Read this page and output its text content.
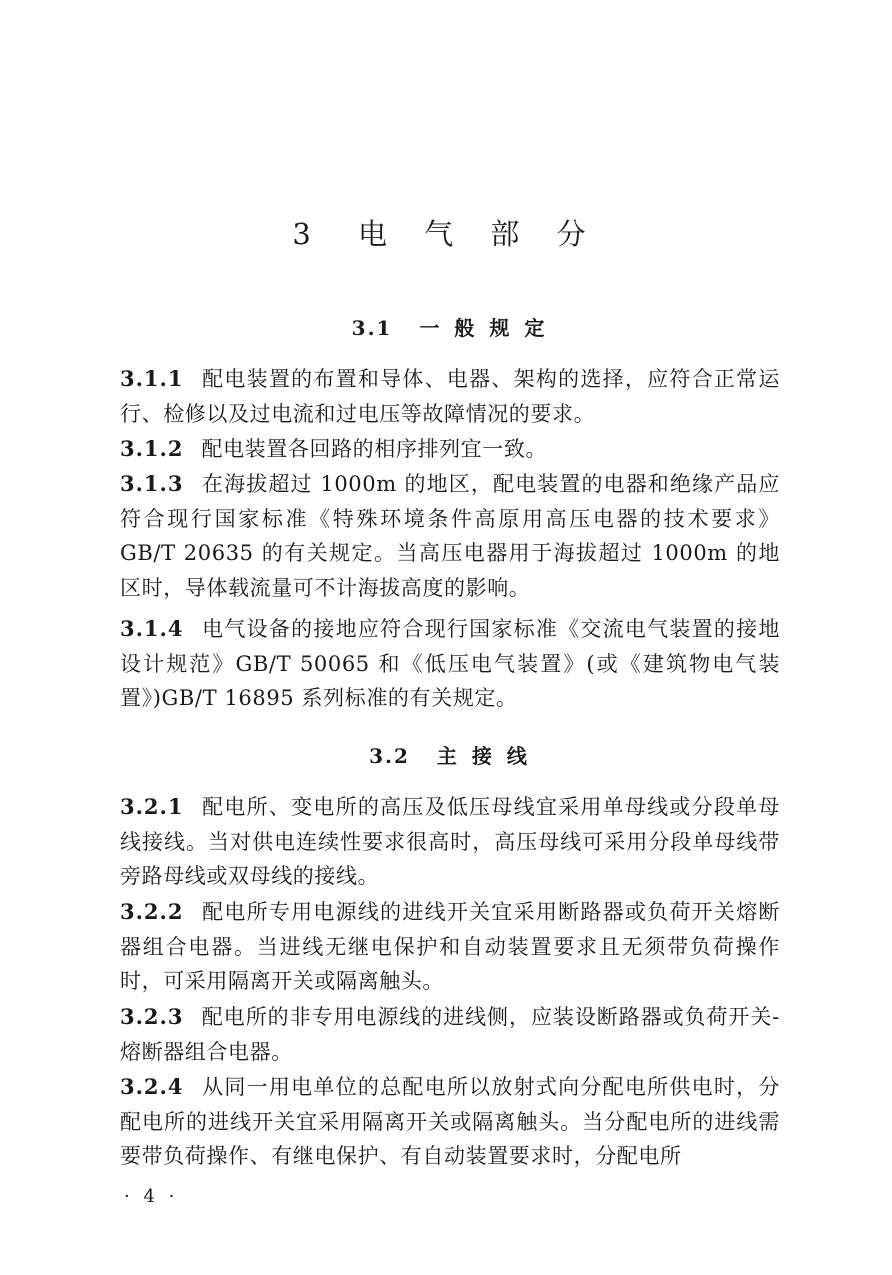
3 电 气 部 分
3.1 一 般 规 定

3.1.1 配电装置的布置和导体、电器、架构的选择，应符合正常运行、检修以及过电流和过电压等故障情况的要求。

3.1.2 配电装置各回路的相序排列宜一致。

3.1.3 在海拔超过 1000m 的地区，配电装置的电器和绝缘产品应符合现行国家标准《特殊环境条件高原用高压电器的技术要求》GB/T 20635 的有关规定。当高压电器用于海拔超过 1000m 的地区时，导体载流量可不计海拔高度的影响。

3.1.4 电气设备的接地应符合现行国家标准《交流电气装置的接地设计规范》GB/T 50065 和《低压电气装置》(或《建筑物电气装置》)GB/T 16895 系列标准的有关规定。

3.2 主 接 线

3.2.1 配电所、变电所的高压及低压母线宜采用单母线或分段单母线接线。当对供电连续性要求很高时，高压母线可采用分段单母线带旁路母线或双母线的接线。

3.2.2 配电所专用电源线的进线开关宜采用断路器或负荷开关熔断器组合电器。当进线无继电保护和自动装置要求且无须带负荷操作时，可采用隔离开关或隔离触头。

3.2.3 配电所的非专用电源线的进线侧，应装设断路器或负荷开关-熔断器组合电器。

3.2.4 从同一用电单位的总配电所以放射式向分配电所供电时，分配电所的进线开关宜采用隔离开关或隔离触头。当分配电所的进线需要带负荷操作、有继电保护、有自动装置要求时，分配电所

· 4 ·
